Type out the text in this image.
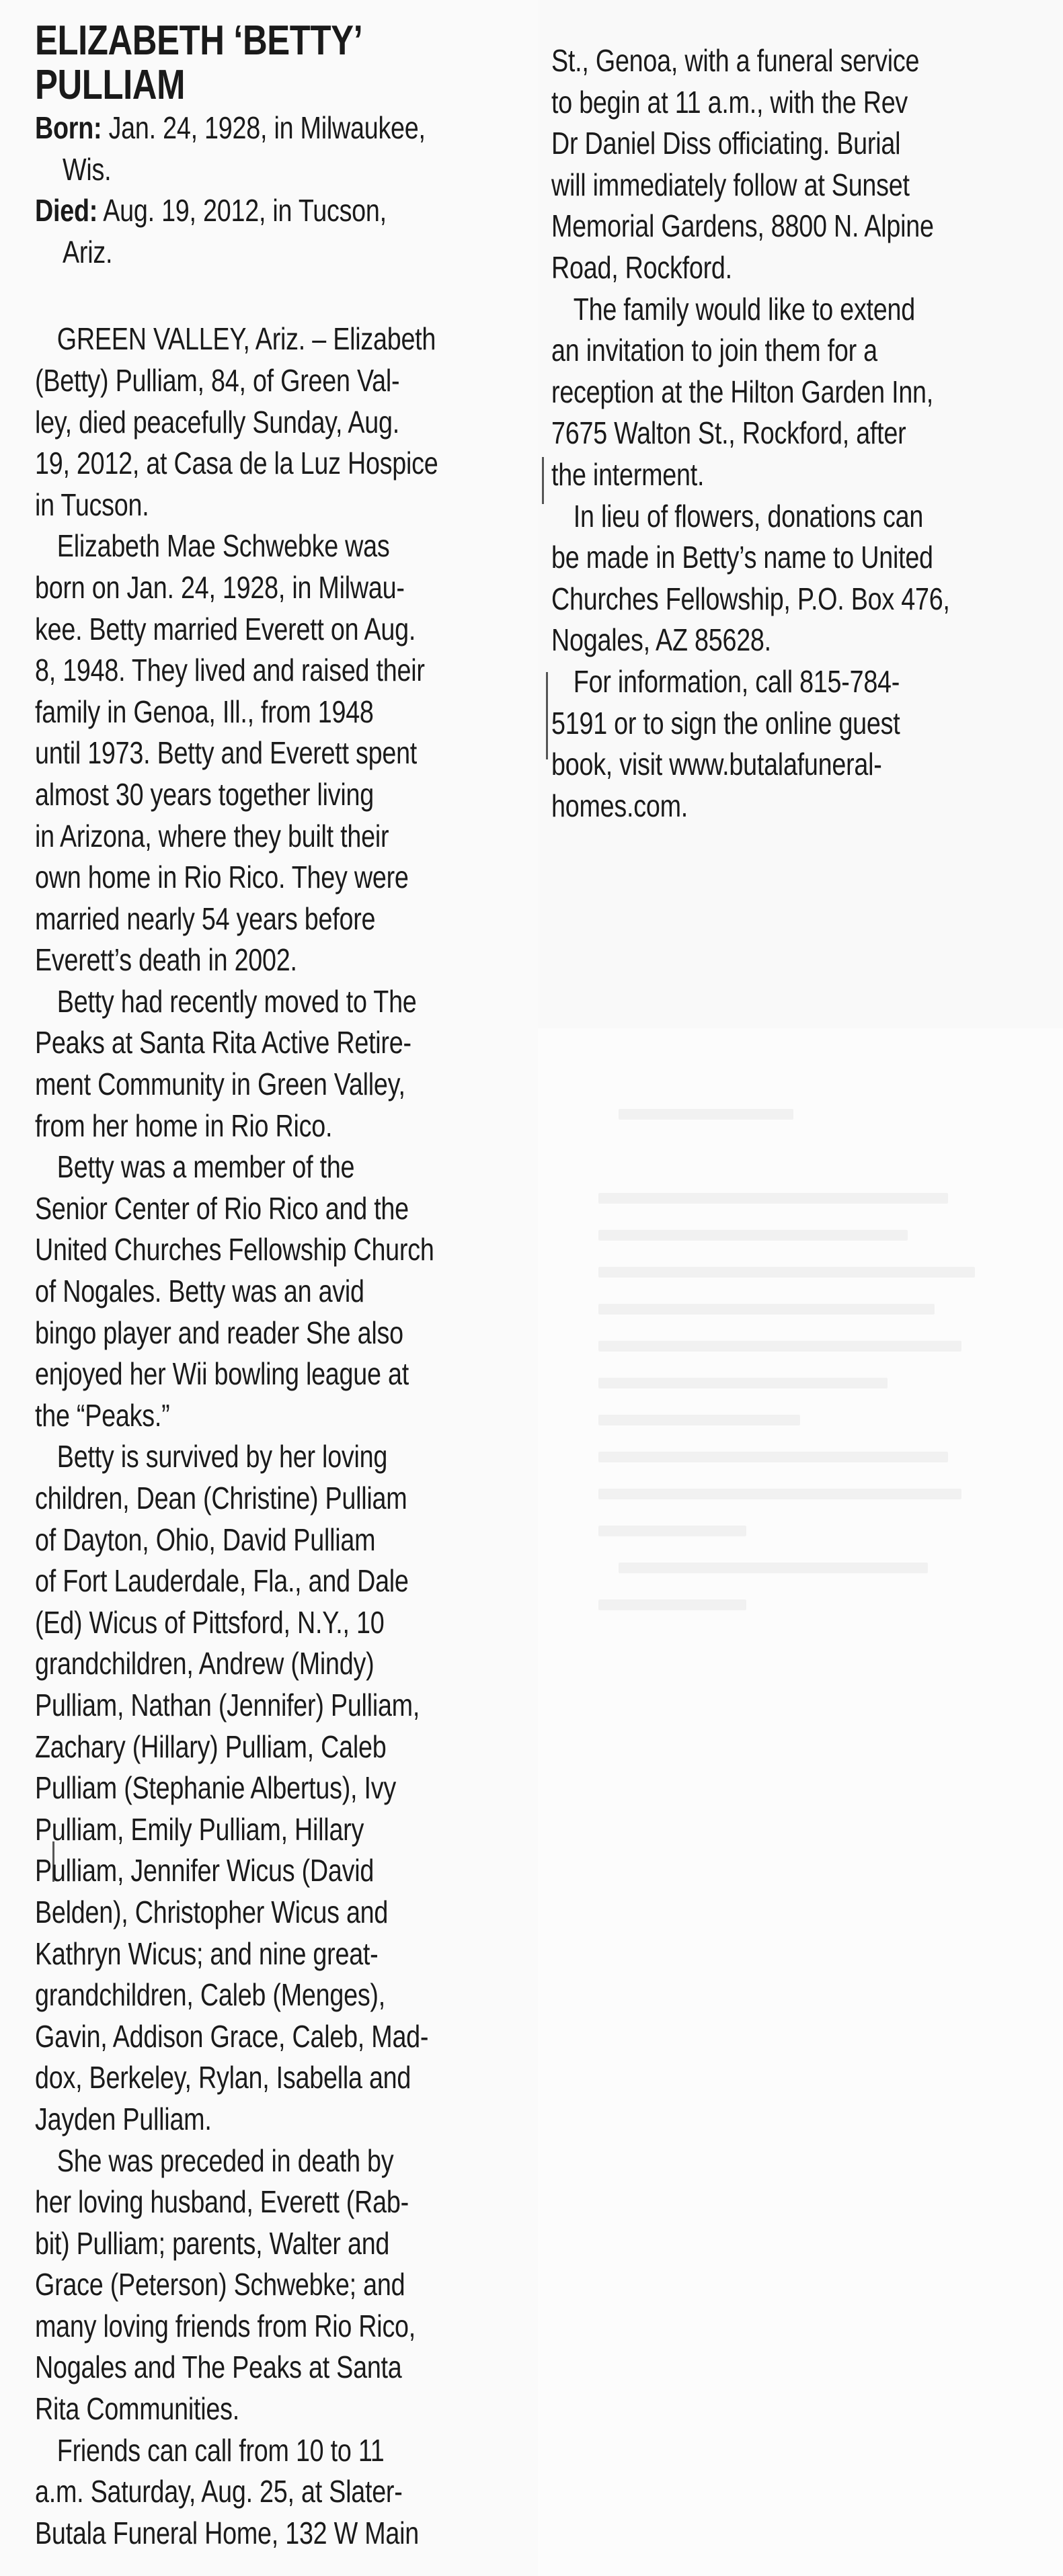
ELIZABETH ‘BETTY’
PULLIAM
Born: Jan. 24, 1928, in Milwaukee,
Wis.
Died: Aug. 19, 2012, in Tucson,
Ariz.
GREEN VALLEY, Ariz. – Elizabeth
(Betty) Pulliam, 84, of Green Val-
ley, died peacefully Sunday, Aug.
19, 2012, at Casa de la Luz Hospice
in Tucson.
Elizabeth Mae Schwebke was
born on Jan. 24, 1928, in Milwau-
kee. Betty married Everett on Aug.
8, 1948. They lived and raised their
family in Genoa, Ill., from 1948
until 1973. Betty and Everett spent
almost 30 years together living
in Arizona, where they built their
own home in Rio Rico. They were
married nearly 54 years before
Everett’s death in 2002.
Betty had recently moved to The
Peaks at Santa Rita Active Retire-
ment Community in Green Valley,
from her home in Rio Rico.
Betty was a member of the
Senior Center of Rio Rico and the
United Churches Fellowship Church
of Nogales. Betty was an avid
bingo player and reader She also
enjoyed her Wii bowling league at
the “Peaks.”
Betty is survived by her loving
children, Dean (Christine) Pulliam
of Dayton, Ohio, David Pulliam
of Fort Lauderdale, Fla., and Dale
(Ed) Wicus of Pittsford, N.Y., 10
grandchildren, Andrew (Mindy)
Pulliam, Nathan (Jennifer) Pulliam,
Zachary (Hillary) Pulliam, Caleb
Pulliam (Stephanie Albertus), Ivy
Pulliam, Emily Pulliam, Hillary
Pulliam, Jennifer Wicus (David
Belden), Christopher Wicus and
Kathryn Wicus; and nine great-
grandchildren, Caleb (Menges),
Gavin, Addison Grace, Caleb, Mad-
dox, Berkeley, Rylan, Isabella and
Jayden Pulliam.
She was preceded in death by
her loving husband, Everett (Rab-
bit) Pulliam; parents, Walter and
Grace (Peterson) Schwebke; and
many loving friends from Rio Rico,
Nogales and The Peaks at Santa
Rita Communities.
Friends can call from 10 to 11
a.m. Saturday, Aug. 25, at Slater-
Butala Funeral Home, 132 W Main
St., Genoa, with a funeral service
to begin at 11 a.m., with the Rev
Dr Daniel Diss officiating. Burial
will immediately follow at Sunset
Memorial Gardens, 8800 N. Alpine
Road, Rockford.
The family would like to extend
an invitation to join them for a
reception at the Hilton Garden Inn,
7675 Walton St., Rockford, after
the interment.
In lieu of flowers, donations can
be made in Betty’s name to United
Churches Fellowship, P.O. Box 476,
Nogales, AZ 85628.
For information, call 815-784-
5191 or to sign the online guest
book, visit www.butalafuneral-
homes.com.
